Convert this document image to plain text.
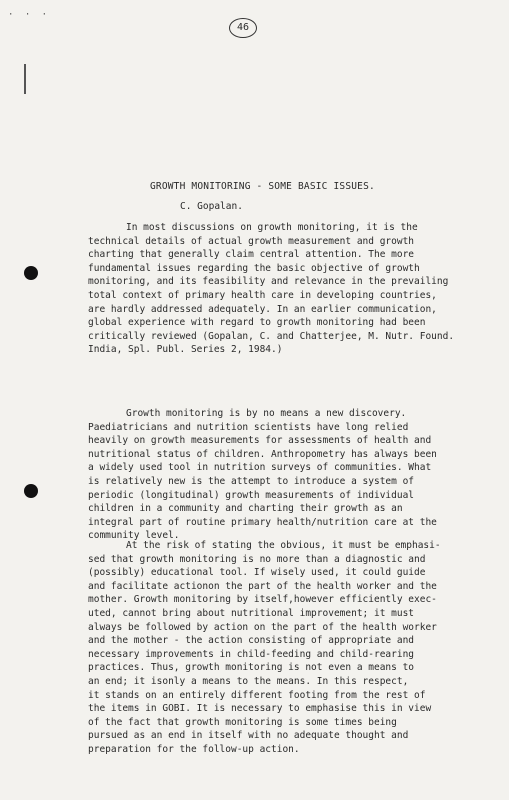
· · ·
46
GROWTH MONITORING - SOME BASIC ISSUES.
C. Gopalan.
In most discussions on growth monitoring, it is the
technical details of actual growth measurement and growth
charting that generally claim central attention. The more
fundamental issues regarding the basic objective of growth
monitoring, and its feasibility and relevance in the prevailing
total context of primary health care in developing countries,
are hardly addressed adequately. In an earlier communication,
global experience with regard to growth monitoring had been
critically reviewed (Gopalan, C. and Chatterjee, M. Nutr. Found.
India, Spl. Publ. Series 2, 1984.)
Growth monitoring is by no means a new discovery.
Paediatricians and nutrition scientists have long relied
heavily on growth measurements for assessments of health and
nutritional status of children. Anthropometry has always been
a widely used tool in nutrition surveys of communities. What
is relatively new is the attempt to introduce a system of
periodic (longitudinal) growth measurements of individual
children in a community and charting their growth as an
integral part of routine primary health/nutrition care at the
community level.
At the risk of stating the obvious, it must be emphasi-
sed that growth monitoring is no more than a diagnostic and
(possibly) educational tool. If wisely used, it could guide
and facilitate actionon the part of the health worker and the
mother. Growth monitoring by itself,however efficiently exec-
uted, cannot bring about nutritional improvement; it must
always be followed by action on the part of the health worker
and the mother - the action consisting of appropriate and
necessary improvements in child-feeding and child-rearing
practices. Thus, growth monitoring is not even a means to
an end; it isonly a means to the means. In this respect,
it stands on an entirely different footing from the rest of
the items in GOBI. It is necessary to emphasise this in view
of the fact that growth monitoring is some times being
pursued as an end in itself with no adequate thought and
preparation for the follow-up action.
